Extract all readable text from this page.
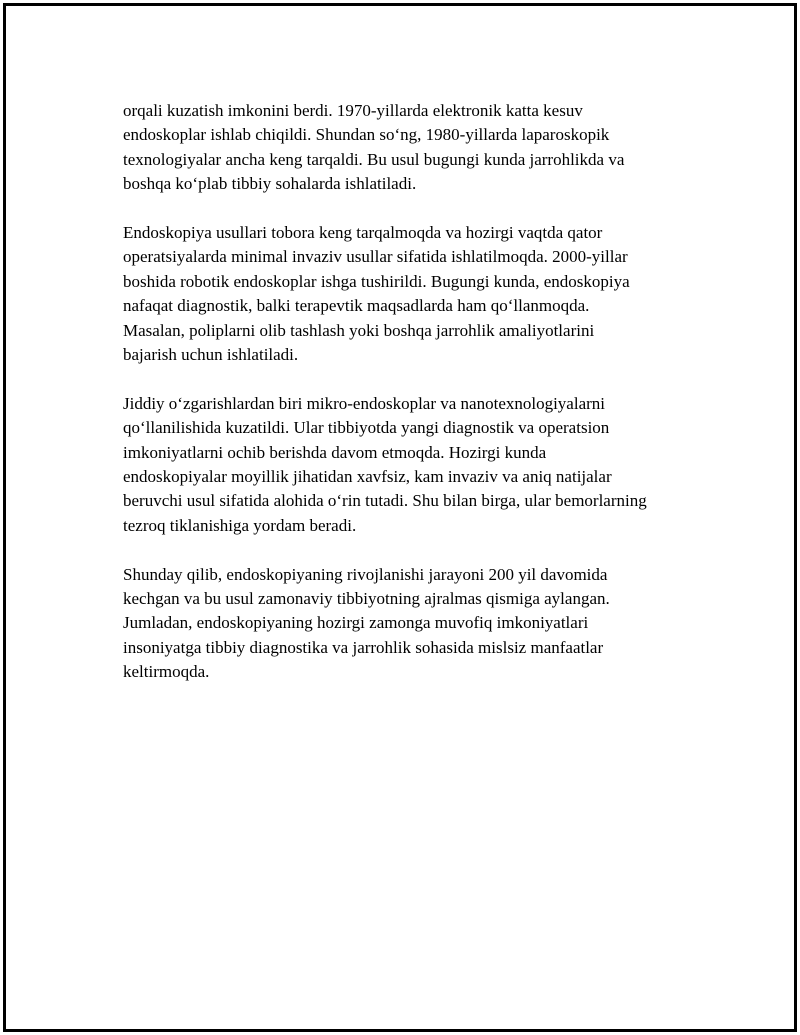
orqali kuzatish imkonini berdi. 1970-yillarda elektronik katta kesuv
endoskoplar ishlab chiqildi. Shundan so‘ng, 1980-yillarda laparoskopik
texnologiyalar ancha keng tarqaldi. Bu usul bugungi kunda jarrohlikda va
boshqa ko‘plab tibbiy sohalarda ishlatiladi.

Endoskopiya usullari tobora keng tarqalmoqda va hozirgi vaqtda qator
operatsiyalarda minimal invaziv usullar sifatida ishlatilmoqda. 2000-yillar
boshida robotik endoskoplar ishga tushirildi. Bugungi kunda, endoskopiya
nafaqat diagnostik, balki terapevtik maqsadlarda ham qo‘llanmoqda.
Masalan, poliplarni olib tashlash yoki boshqa jarrohlik amaliyotlarini
bajarish uchun ishlatiladi.

Jiddiy o‘zgarishlardan biri mikro-endoskoplar va nanotexnologiyalarni
qo‘llanilishida kuzatildi. Ular tibbiyotda yangi diagnostik va operatsion
imkoniyatlarni ochib berishda davom etmoqda. Hozirgi kunda
endoskopiyalar moyillik jihatidan xavfsiz, kam invaziv va aniq natijalar
beruvchi usul sifatida alohida o‘rin tutadi. Shu bilan birga, ular bemorlarning
tezroq tiklanishiga yordam beradi.

Shunday qilib, endoskopiyaning rivojlanishi jarayoni 200 yil davomida
kechgan va bu usul zamonaviy tibbiyotning ajralmas qismiga aylangan.
Jumladan, endoskopiyaning hozirgi zamonga muvofiq imkoniyatlari
insoniyatga tibbiy diagnostika va jarrohlik sohasida mislsiz manfaatlar
keltirmoqda.
